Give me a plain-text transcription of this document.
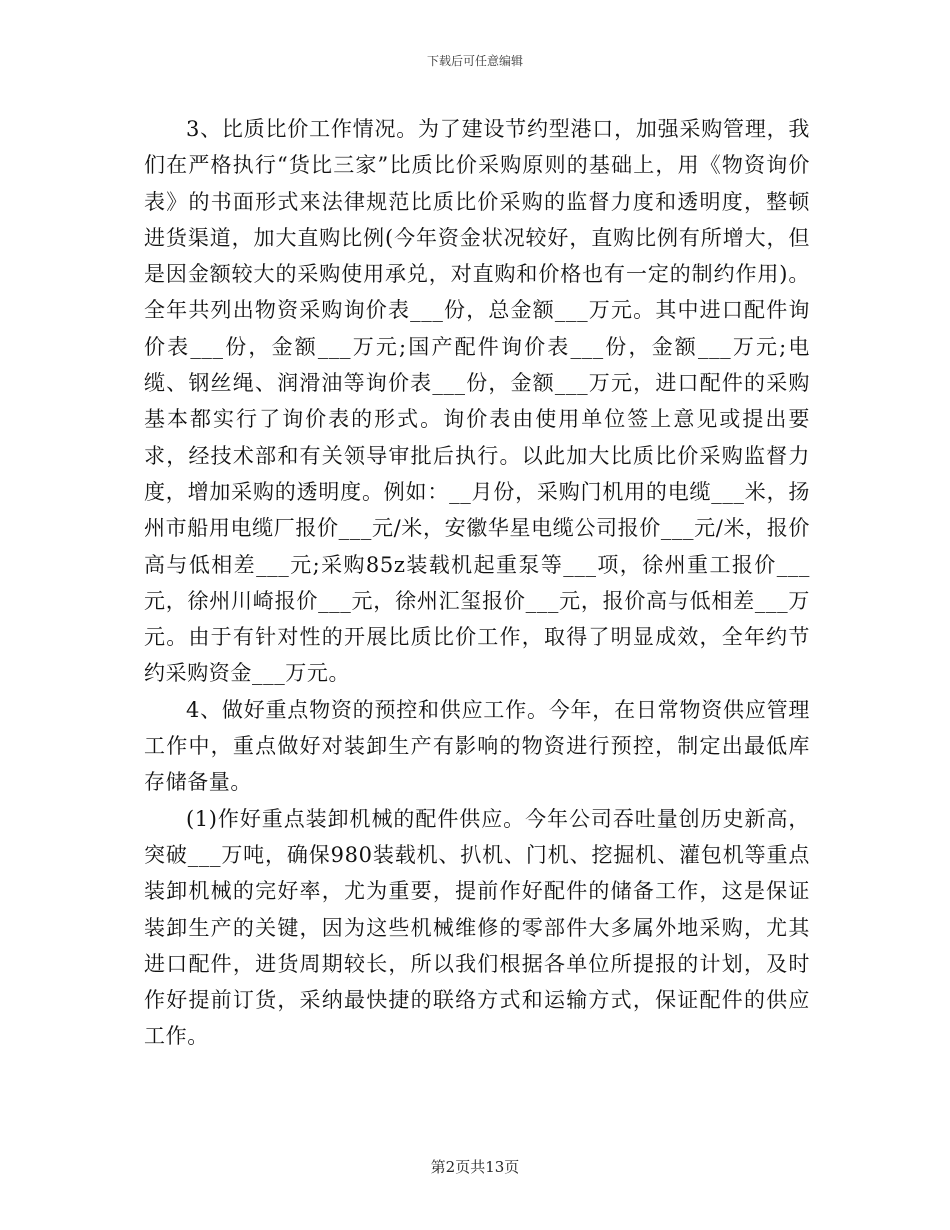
下载后可任意编辑

3、比质比价工作情况。为了建设节约型港口，加强采购管理，我们在严格执行“货比三家”比质比价采购原则的基础上，用《物资询价表》的书面形式来法律规范比质比价采购的监督力度和透明度，整顿进货渠道，加大直购比例(今年资金状况较好，直购比例有所增大，但是因金额较大的采购使用承兑，对直购和价格也有一定的制约作用)。全年共列出物资采购询价表___份，总金额___万元。其中进口配件询价表___份，金额___万元;国产配件询价表___份，金额___万元;电缆、钢丝绳、润滑油等询价表___份，金额___万元，进口配件的采购基本都实行了询价表的形式。询价表由使用单位签上意见或提出要求，经技术部和有关领导审批后执行。以此加大比质比价采购监督力度，增加采购的透明度。例如：__月份，采购门机用的电缆___米，扬州市船用电缆厂报价___元/米，安徽华星电缆公司报价___元/米，报价高与低相差___元;采购85z装载机起重泵等___项，徐州重工报价___元，徐州川崎报价___元，徐州汇玺报价___元，报价高与低相差___万元。由于有针对性的开展比质比价工作，取得了明显成效，全年约节约采购资金___万元。

4、做好重点物资的预控和供应工作。今年，在日常物资供应管理工作中，重点做好对装卸生产有影响的物资进行预控，制定出最低库存储备量。

(1)作好重点装卸机械的配件供应。今年公司吞吐量创历史新高，突破___万吨，确保980装载机、扒机、门机、挖掘机、灌包机等重点装卸机械的完好率，尤为重要，提前作好配件的储备工作，这是保证装卸生产的关键，因为这些机械维修的零部件大多属外地采购，尤其进口配件，进货周期较长，所以我们根据各单位所提报的计划，及时作好提前订货，采纳最快捷的联络方式和运输方式，保证配件的供应工作。

第2页共13页
